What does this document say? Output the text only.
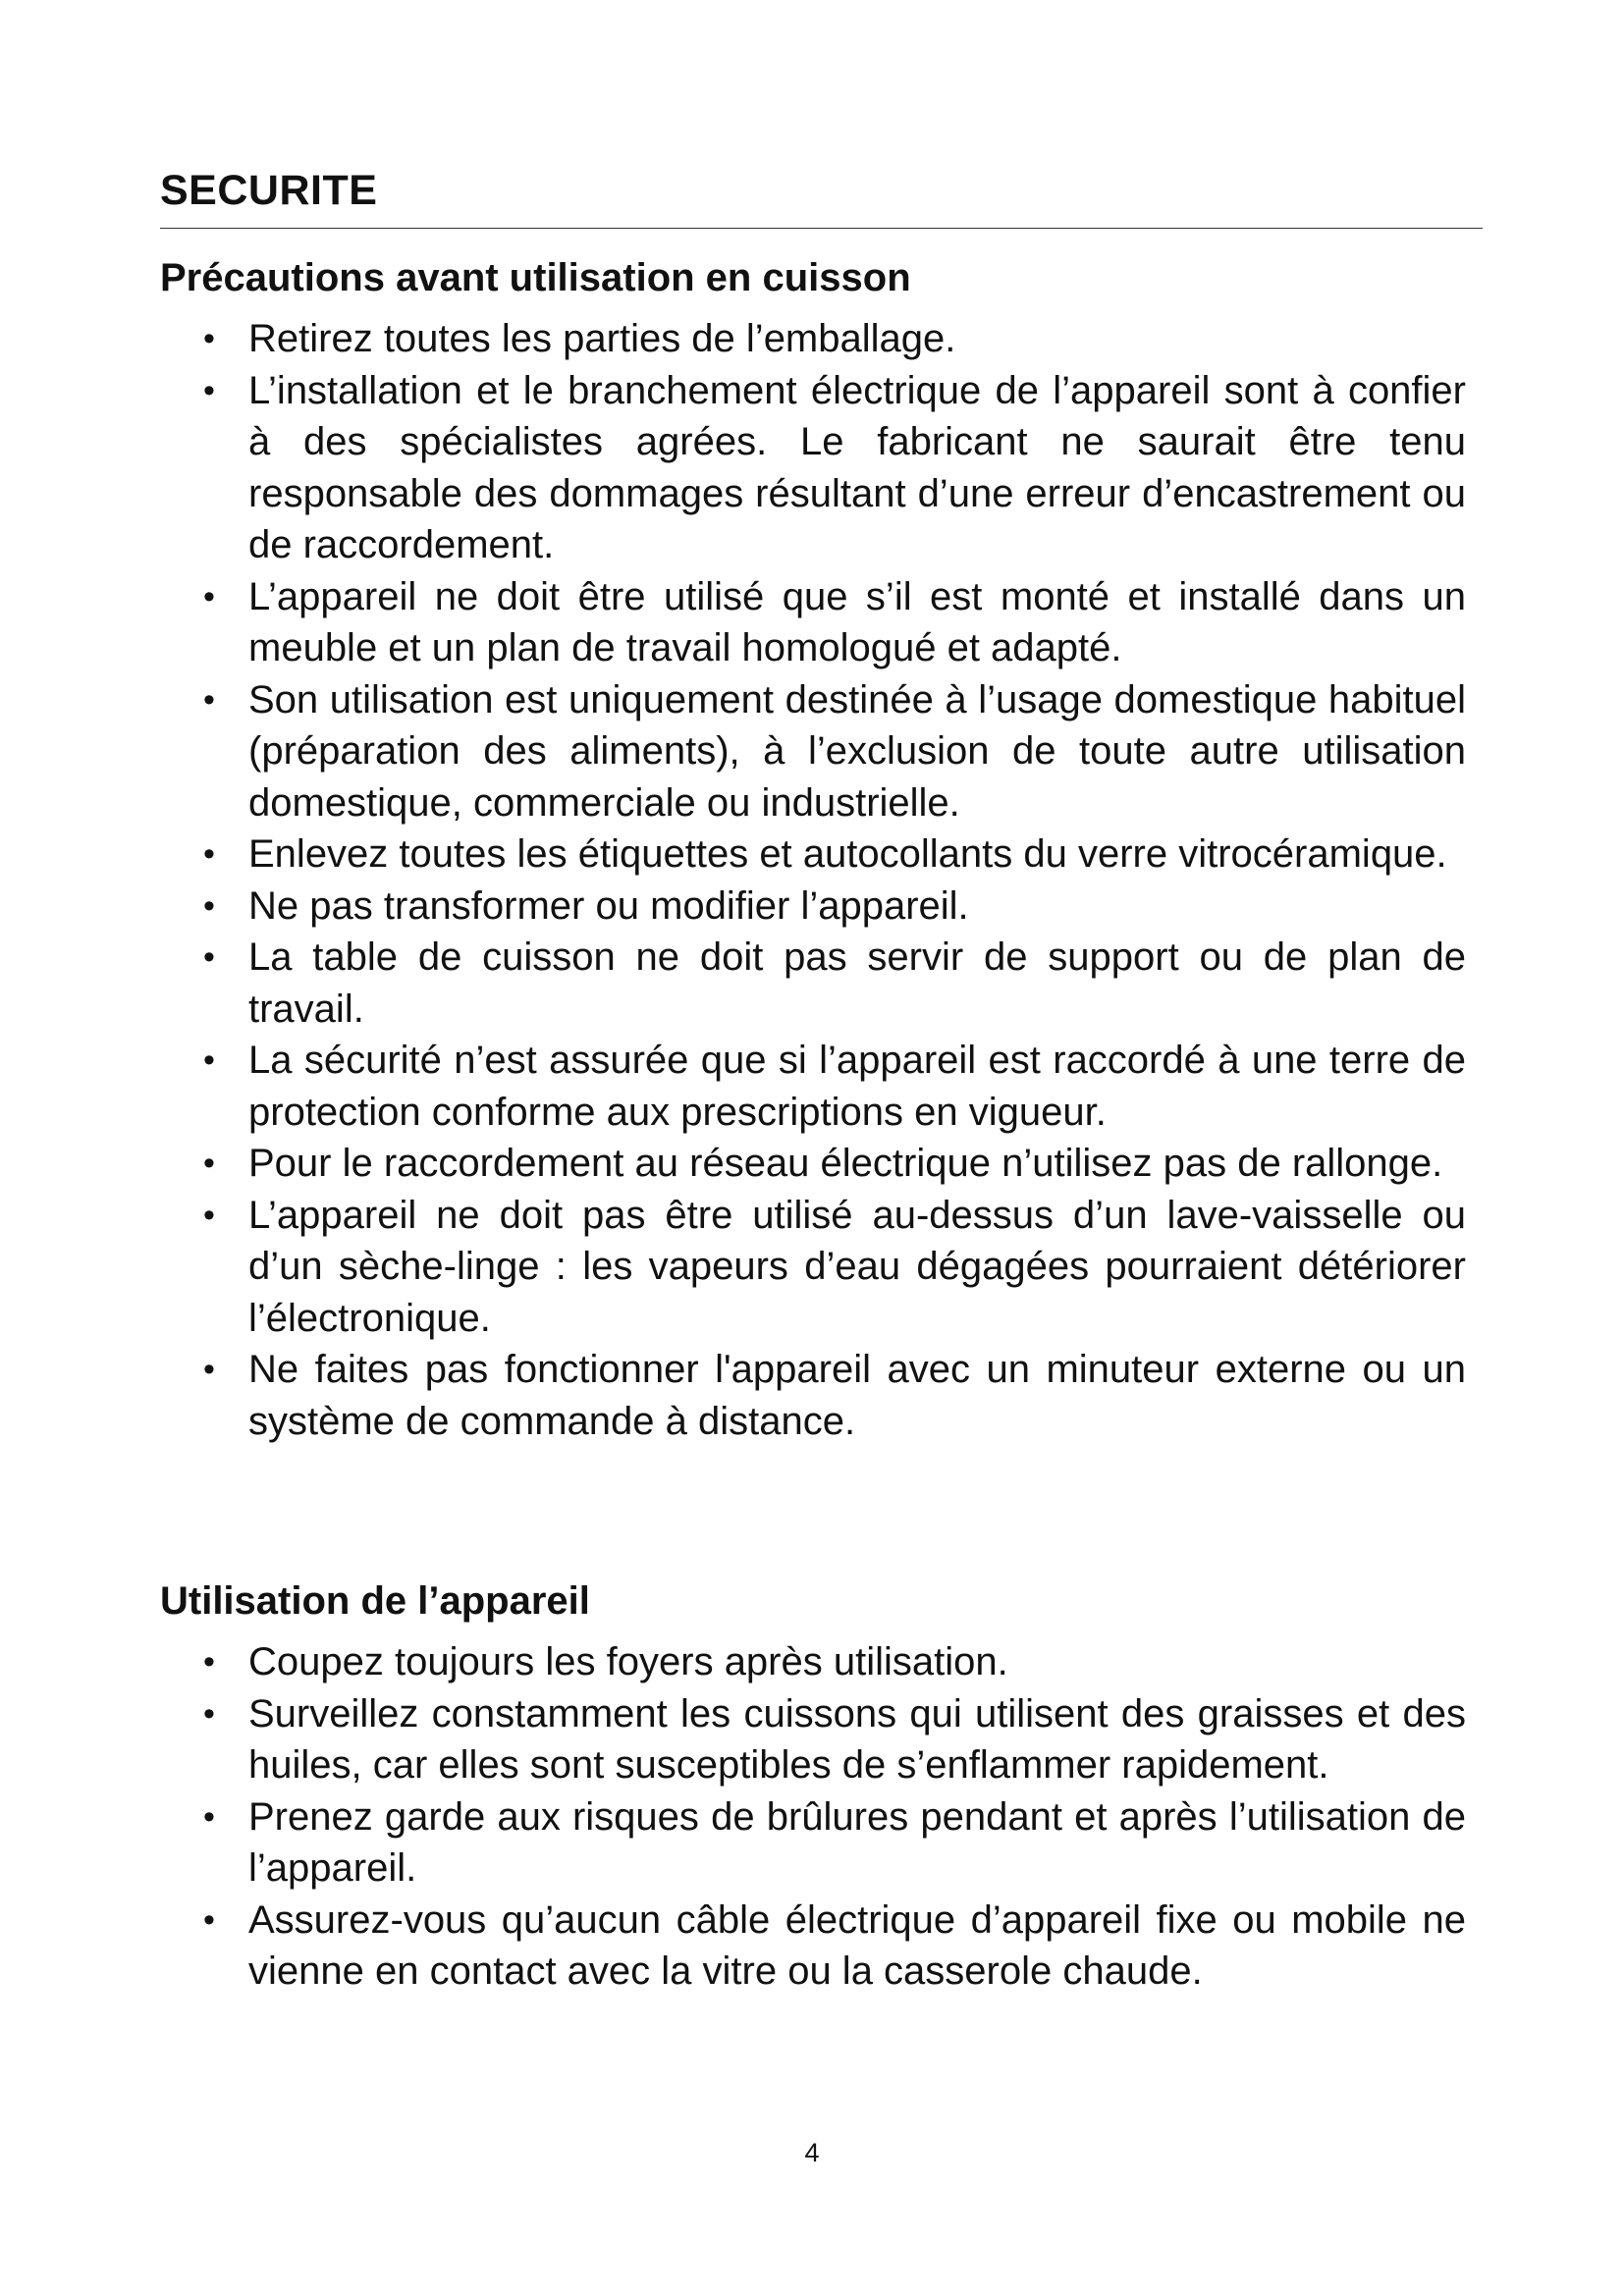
SECURITE
Précautions avant utilisation en cuisson
• Retirez toutes les parties de l’emballage.
• L’installation et le branchement électrique de l’appareil sont à confier à des spécialistes agrées. Le fabricant ne saurait être tenu responsable des dommages résultant d’une erreur d’encastrement ou de raccordement.
• L’appareil ne doit être utilisé que s’il est monté et installé dans un meuble et un plan de travail homologué et adapté.
• Son utilisation est uniquement destinée à l’usage domestique habituel (préparation des aliments), à l’exclusion de toute autre utilisation domestique, commerciale ou industrielle.
• Enlevez toutes les étiquettes et autocollants du verre vitrocéramique.
• Ne pas transformer ou modifier l’appareil.
• La table de cuisson ne doit pas servir de support ou de plan de travail.
• La sécurité n’est assurée que si l’appareil est raccordé à une terre de protection conforme aux prescriptions en vigueur.
• Pour le raccordement au réseau électrique n’utilisez pas de rallonge.
• L’appareil ne doit pas être utilisé au-dessus d’un lave-vaisselle ou d’un sèche-linge : les vapeurs d’eau dégagées pourraient détériorer l’électronique.
• Ne faites pas fonctionner l'appareil avec un minuteur externe ou un système de commande à distance.
Utilisation de l’appareil
• Coupez toujours les foyers après utilisation.
• Surveillez constamment les cuissons qui utilisent des graisses et des huiles, car elles sont susceptibles de s’enflammer rapidement.
• Prenez garde aux risques de brûlures pendant et après l’utilisation de l’appareil.
• Assurez-vous qu’aucun câble électrique d’appareil fixe ou mobile ne vienne en contact avec la vitre ou la casserole chaude.
4
